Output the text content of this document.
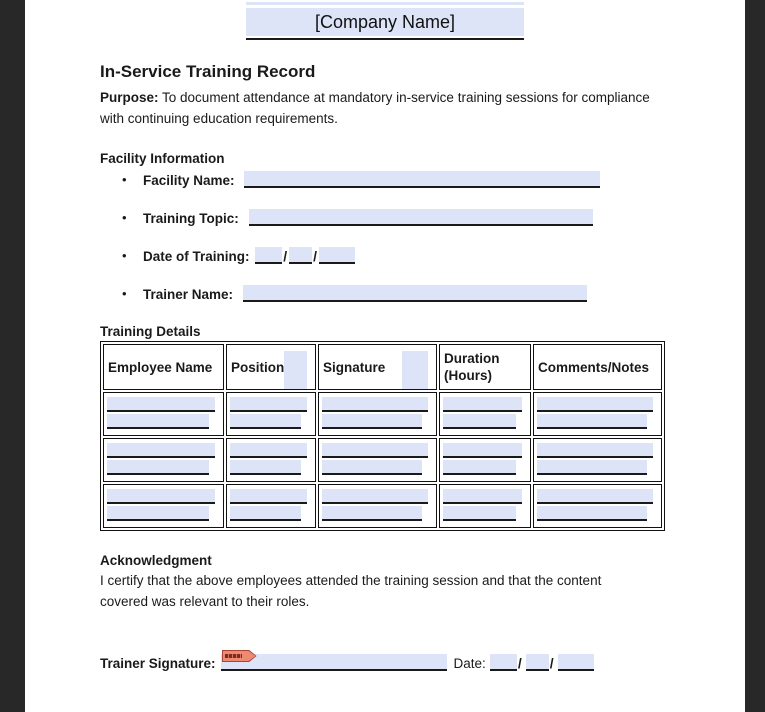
[Company Name]
In-Service Training Record
Purpose: To document attendance at mandatory in-service training sessions for compliance with continuing education requirements.
Facility Information
• Facility Name:
• Training Topic:
• Date of Training: / /
• Trainer Name:
Training Details
Employee Name	Position	Signature	Duration (Hours)	Comments/Notes

Acknowledgment
I certify that the above employees attended the training session and that the content covered was relevant to their roles.
Trainer Signature:	Date: / /
